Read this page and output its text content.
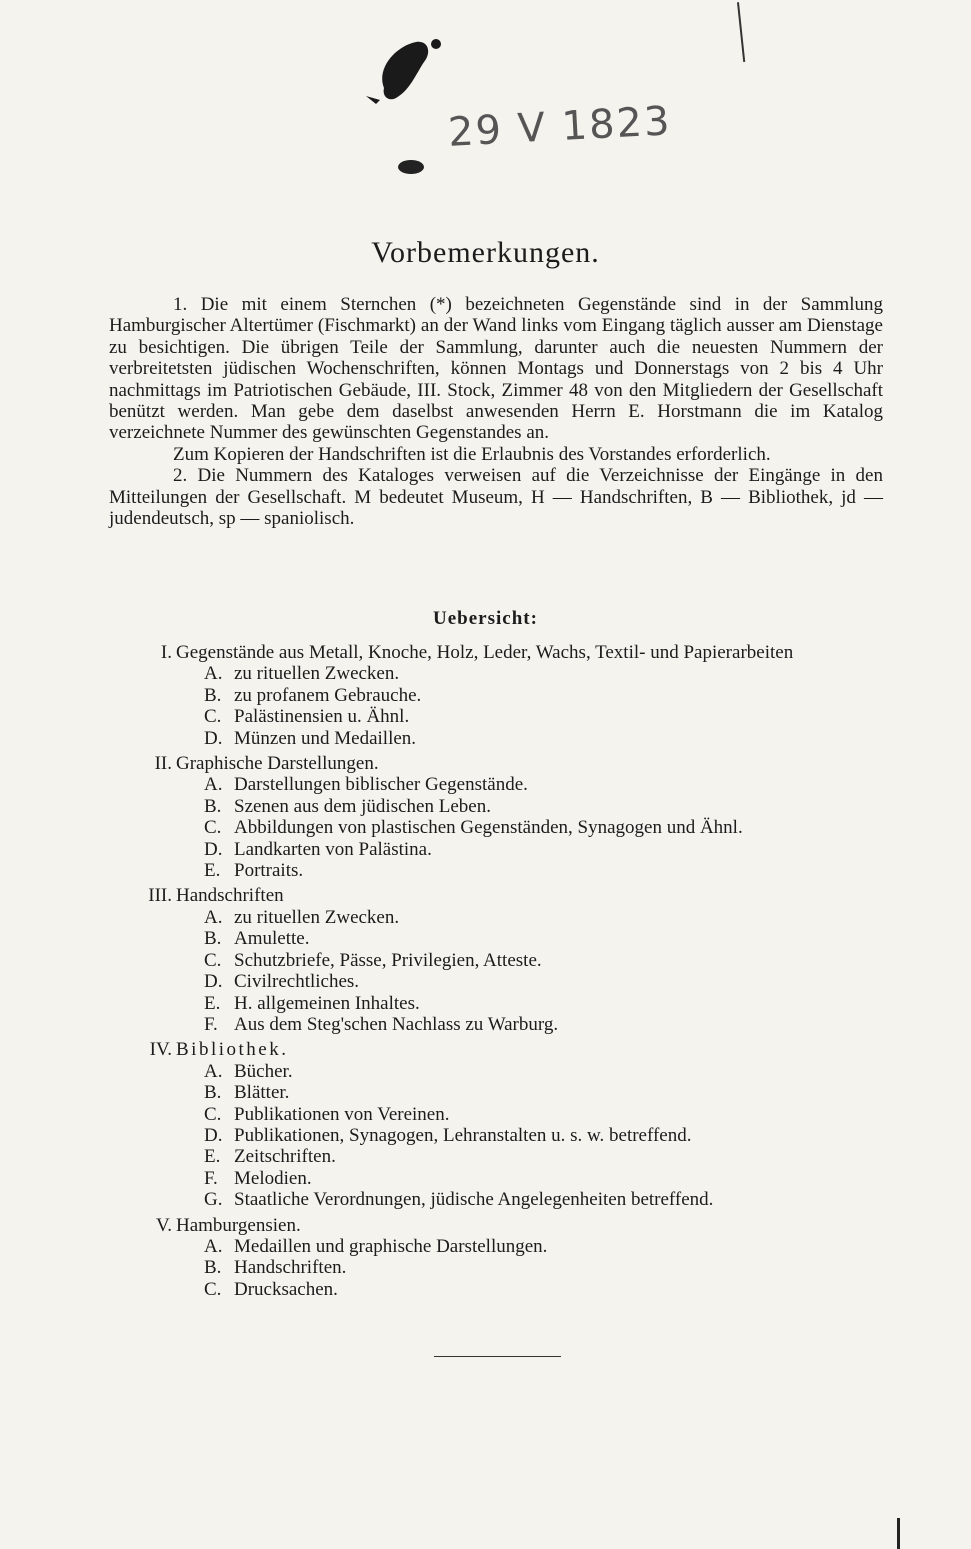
29 V 1823
Vorbemerkungen.

1. Die mit einem Sternchen (*) bezeichneten Gegenstände sind in der Sammlung Hamburgischer Altertümer (Fischmarkt) an der Wand links vom Eingang täglich ausser am Dienstage zu besichtigen. Die übrigen Teile der Sammlung, darunter auch die neuesten Nummern der verbreitetsten jüdischen Wochenschriften, können Montags und Donnerstags von 2 bis 4 Uhr nachmittags im Patriotischen Gebäude, III. Stock, Zimmer 48 von den Mitgliedern der Gesellschaft benützt werden. Man gebe dem daselbst anwesenden Herrn E. Horstmann die im Katalog verzeichnete Nummer des gewünschten Gegenstandes an.

Zum Kopieren der Handschriften ist die Erlaubnis des Vorstandes erforderlich.

2. Die Nummern des Kataloges verweisen auf die Verzeichnisse der Eingänge in den Mitteilungen der Gesellschaft. M bedeutet Museum, H — Handschriften, B — Bibliothek, jd — judendeutsch, sp — spaniolisch.

Uebersicht:
I. Gegenstände aus Metall, Knoche, Holz, Leder, Wachs, Textil- und Papierarbeiten
A. zu rituellen Zwecken.
B. zu profanem Gebrauche.
C. Palästinensien u. Ähnl.
D. Münzen und Medaillen.
II. Graphische Darstellungen.
A. Darstellungen biblischer Gegenstände.
B. Szenen aus dem jüdischen Leben.
C. Abbildungen von plastischen Gegenständen, Synagogen und Ähnl.
D. Landkarten von Palästina.
E. Portraits.
III. Handschriften
A. zu rituellen Zwecken.
B. Amulette.
C. Schutzbriefe, Pässe, Privilegien, Atteste.
D. Civilrechtliches.
E. H. allgemeinen Inhaltes.
F. Aus dem Steg'schen Nachlass zu Warburg.
IV. Bibliothek.
A. Bücher.
B. Blätter.
C. Publikationen von Vereinen.
D. Publikationen, Synagogen, Lehranstalten u. s. w. betreffend.
E. Zeitschriften.
F. Melodien.
G. Staatliche Verordnungen, jüdische Angelegenheiten betreffend.
V. Hamburgensien.
A. Medaillen und graphische Darstellungen.
B. Handschriften.
C. Drucksachen.
